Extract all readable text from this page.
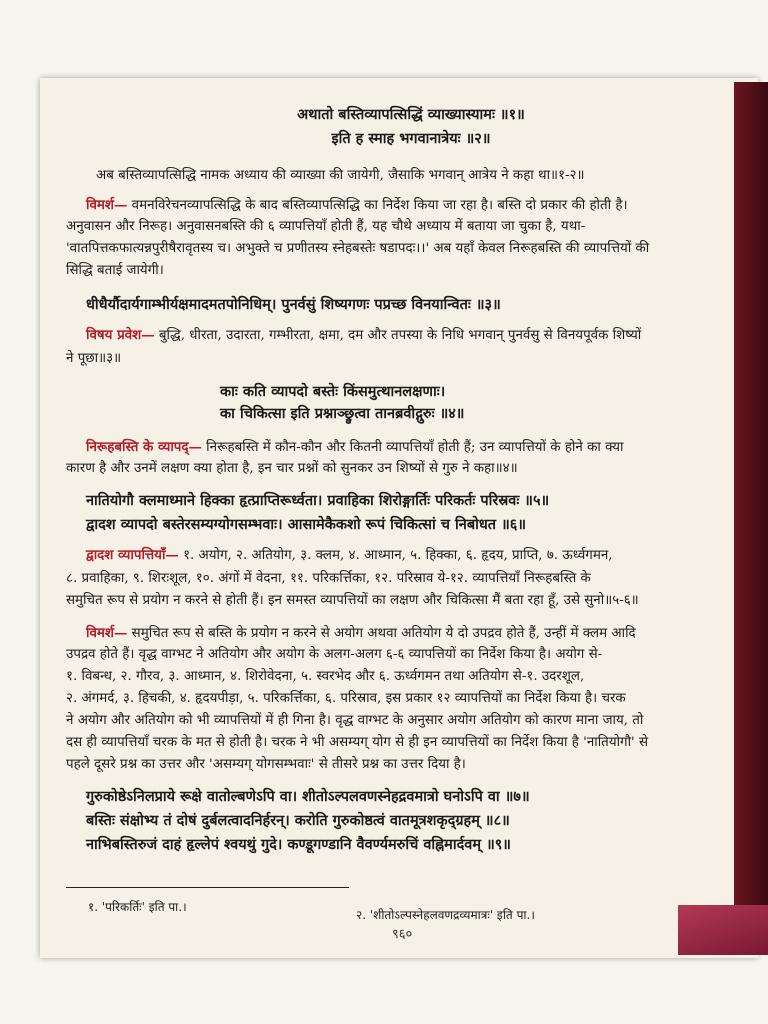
अथातो बस्तिव्यापत्सिद्धिं व्याख्यास्यामः ॥१॥
इति ह स्माह भगवानात्रेयः ॥२॥
अब बस्तिव्यापत्सिद्धि नामक अध्याय की व्याख्या की जायेगी, जैसाकि भगवान् आत्रेय ने कहा था॥१-२॥
विमर्श— वमनविरेचनव्यापत्सिद्धि के बाद बस्तिव्यापत्सिद्धि का निर्देश किया जा रहा है। बस्ति दो प्रकार की होती है।
अनुवासन और निरूह। अनुवासनबस्ति की ६ व्यापत्तियाँ होती हैं, यह चौथे अध्याय में बताया जा चुका है, यथा-
'वातपित्तकफात्यन्नपुरीषैरावृतस्य च। अभुक्ते च प्रणीतस्य स्नेहबस्तेः षडापदः।।' अब यहाँ केवल निरूहबस्ति की व्यापत्तियों की
सिद्धि बताई जायेगी।
धीधैर्यौदार्यगाम्भीर्यक्षमादमतपोनिधिम्। पुनर्वसुं शिष्यगणः पप्रच्छ विनयान्वितः ॥३॥
विषय प्रवेश— बुद्धि, धीरता, उदारता, गम्भीरता, क्षमा, दम और तपस्या के निधि भगवान् पुनर्वसु से विनयपूर्वक शिष्यों
ने पूछा॥३॥
काः कति व्यापदो बस्तेः किंसमुत्थानलक्षणाः।
का चिकित्सा इति प्रश्नाञ्छ्रुत्वा तानब्रवीद्गुरुः ॥४॥
निरूहबस्ति के व्यापद्— निरूहबस्ति में कौन-कौन और कितनी व्यापत्तियाँ होती हैं; उन व्यापत्तियों के होने का क्या
कारण है और उनमें लक्षण क्या होता है, इन चार प्रश्नों को सुनकर उन शिष्यों से गुरु ने कहा॥४॥
नातियोगौ क्लमाध्माने हिक्का हृत्प्राप्तिरूर्ध्वता। प्रवाहिका शिरोङ्गार्तिः परिकर्तः परिस्रवः ॥५॥
द्वादश व्यापदो बस्तेरसम्यग्योगसम्भवाः। आसामेकैकशो रूपं चिकित्सां च निबोधत ॥६॥
द्वादश व्यापत्तियाँ— १. अयोग, २. अतियोग, ३. क्लम, ४. आध्मान, ५. हिक्का, ६. हृदय, प्राप्ति, ७. ऊर्ध्वगमन,
८. प्रवाहिका, ९. शिरःशूल, १०. अंगों में वेदना, ११. परिकर्त्तिका, १२. परिस्राव ये-१२. व्यापत्तियाँ निरूहबस्ति के
समुचित रूप से प्रयोग न करने से होती हैं। इन समस्त व्यापत्तियों का लक्षण और चिकित्सा मैं बता रहा हूँ, उसे सुनो॥५-६॥
विमर्श— समुचित रूप से बस्ति के प्रयोग न करने से अयोग अथवा अतियोग ये दो उपद्रव होते हैं, उन्हीं में क्लम आदि
उपद्रव होते हैं। वृद्ध वाग्भट ने अतियोग और अयोग के अलग-अलग ६-६ व्यापत्तियों का निर्देश किया है। अयोग से-
१. विबन्ध, २. गौरव, ३. आध्मान, ४. शिरोवेदना, ५. स्वरभेद और ६. ऊर्ध्वगमन तथा अतियोग से-१. उदरशूल,
२. अंगमर्द, ३. हिचकी, ४. हृदयपीड़ा, ५. परिकर्त्तिका, ६. परिस्राव, इस प्रकार १२ व्यापत्तियों का निर्देश किया है। चरक
ने अयोग और अतियोग को भी व्यापत्तियों में ही गिना है। वृद्ध वाग्भट के अनुसार अयोग अतियोग को कारण माना जाय, तो
दस ही व्यापत्तियाँ चरक के मत से होती है। चरक ने भी असम्यग् योग से ही इन व्यापत्तियों का निर्देश किया है 'नातियोगौ' से
पहले दूसरे प्रश्न का उत्तर और 'असम्यग् योगसम्भवाः' से तीसरे प्रश्न का उत्तर दिया है।
गुरुकोष्ठेऽनिलप्राये रूक्षे वातोल्बणेऽपि वा। शीतोऽल्पलवणस्नेहद्रवमात्रो घनोऽपि वा ॥७॥
बस्तिः संक्षोभ्य तं दोषं दुर्बलत्वादनिर्हरन्। करोति गुरुकोष्ठत्वं वातमूत्रशकृद्ग्रहम् ॥८॥
नाभिबस्तिरुजं दाहं हृल्लेपं श्वयथुं गुदे। कण्डूगण्डानि वैवर्ण्यमरुचिं वह्निमार्दवम् ॥९॥
१. 'परिकर्तिः' इति पा.।
२. 'शीतोऽल्पस्नेहलवणद्रव्यमात्रः' इति पा.।
९६०
